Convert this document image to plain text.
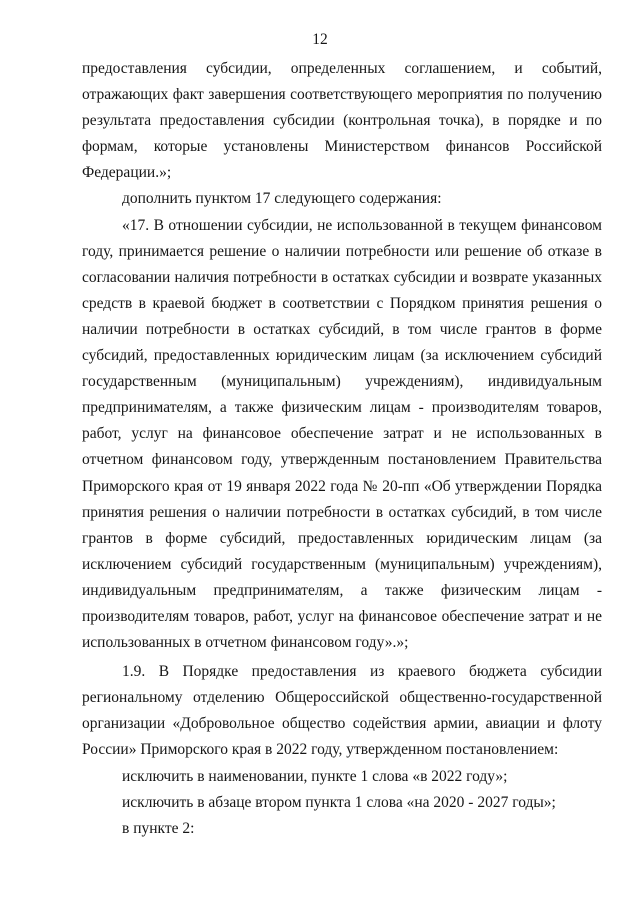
12

предоставления субсидии, определенных соглашением, и событий, отражающих факт завершения соответствующего мероприятия по получению результата предоставления субсидии (контрольная точка), в порядке и по формам, которые установлены Министерством финансов Российской Федерации.»;

дополнить пунктом 17 следующего содержания:

«17. В отношении субсидии, не использованной в текущем финансовом году, принимается решение о наличии потребности или решение об отказе в согласовании наличия потребности в остатках субсидии и возврате указанных средств в краевой бюджет в соответствии с Порядком принятия решения о наличии потребности в остатках субсидий, в том числе грантов в форме субсидий, предоставленных юридическим лицам (за исключением субсидий государственным (муниципальным) учреждениям), индивидуальным предпринимателям, а также физическим лицам - производителям товаров, работ, услуг на финансовое обеспечение затрат и не использованных в отчетном финансовом году, утвержденным постановлением Правительства Приморского края от 19 января 2022 года № 20-пп «Об утверждении Порядка принятия решения о наличии потребности в остатках субсидий, в том числе грантов в форме субсидий, предоставленных юридическим лицам (за исключением субсидий государственным (муниципальным) учреждениям), индивидуальным предпринимателям, а также физическим лицам - производителям товаров, работ, услуг на финансовое обеспечение затрат и не использованных в отчетном финансовом году».»;

1.9. В Порядке предоставления из краевого бюджета субсидии региональному отделению Общероссийской общественно-государственной организации «Добровольное общество содействия армии, авиации и флоту России» Приморского края в 2022 году, утвержденном постановлением:

исключить в наименовании, пункте 1 слова «в 2022 году»;

исключить в абзаце втором пункта 1 слова «на 2020 - 2027 годы»;

в пункте 2:
